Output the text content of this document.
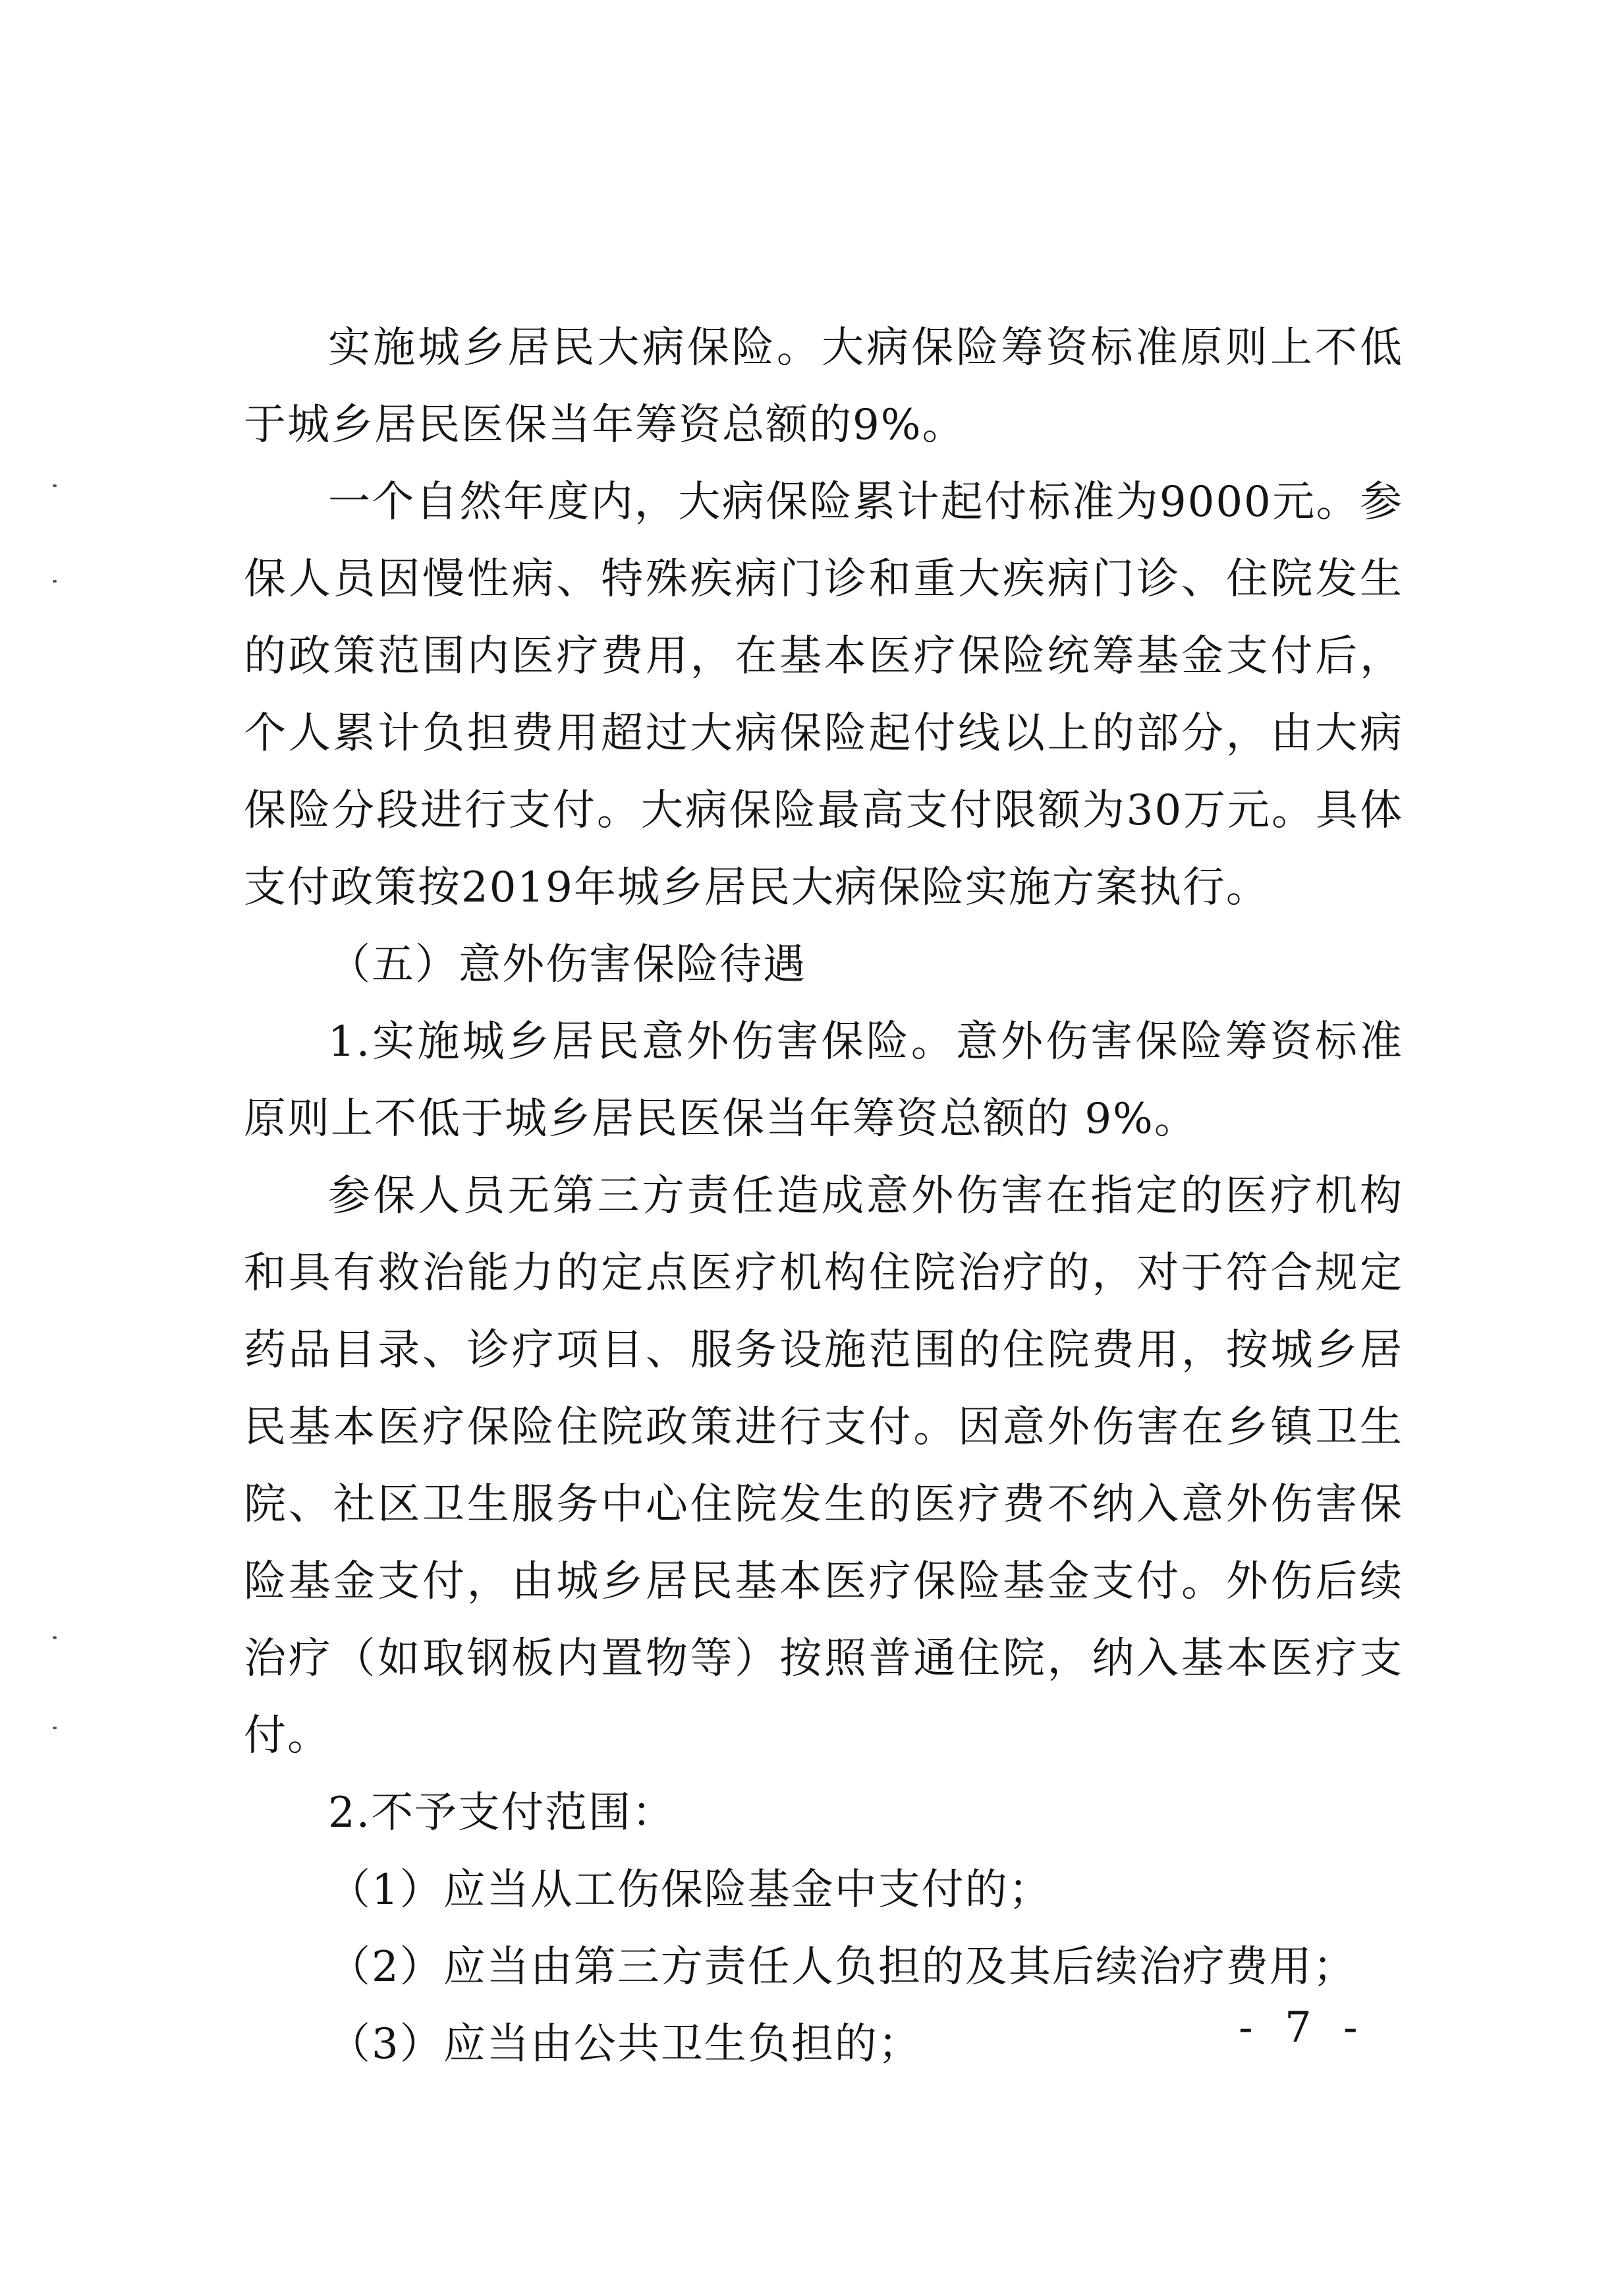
实施城乡居民大病保险。大病保险筹资标准原则上不低于城乡居民医保当年筹资总额的9%。

一个自然年度内，大病保险累计起付标准为9000元。参保人员因慢性病、特殊疾病门诊和重大疾病门诊、住院发生的政策范围内医疗费用，在基本医疗保险统筹基金支付后，个人累计负担费用超过大病保险起付线以上的部分，由大病保险分段进行支付。大病保险最高支付限额为30万元。具体支付政策按2019年城乡居民大病保险实施方案执行。

（五）意外伤害保险待遇

1.实施城乡居民意外伤害保险。意外伤害保险筹资标准原则上不低于城乡居民医保当年筹资总额的 9%。

参保人员无第三方责任造成意外伤害在指定的医疗机构和具有救治能力的定点医疗机构住院治疗的，对于符合规定药品目录、诊疗项目、服务设施范围的住院费用，按城乡居民基本医疗保险住院政策进行支付。因意外伤害在乡镇卫生院、社区卫生服务中心住院发生的医疗费不纳入意外伤害保险基金支付，由城乡居民基本医疗保险基金支付。外伤后续治疗（如取钢板内置物等）按照普通住院，纳入基本医疗支付。

2.不予支付范围：

（1）应当从工伤保险基金中支付的；

（2）应当由第三方责任人负担的及其后续治疗费用；

（3）应当由公共卫生负担的；	- 7 -
